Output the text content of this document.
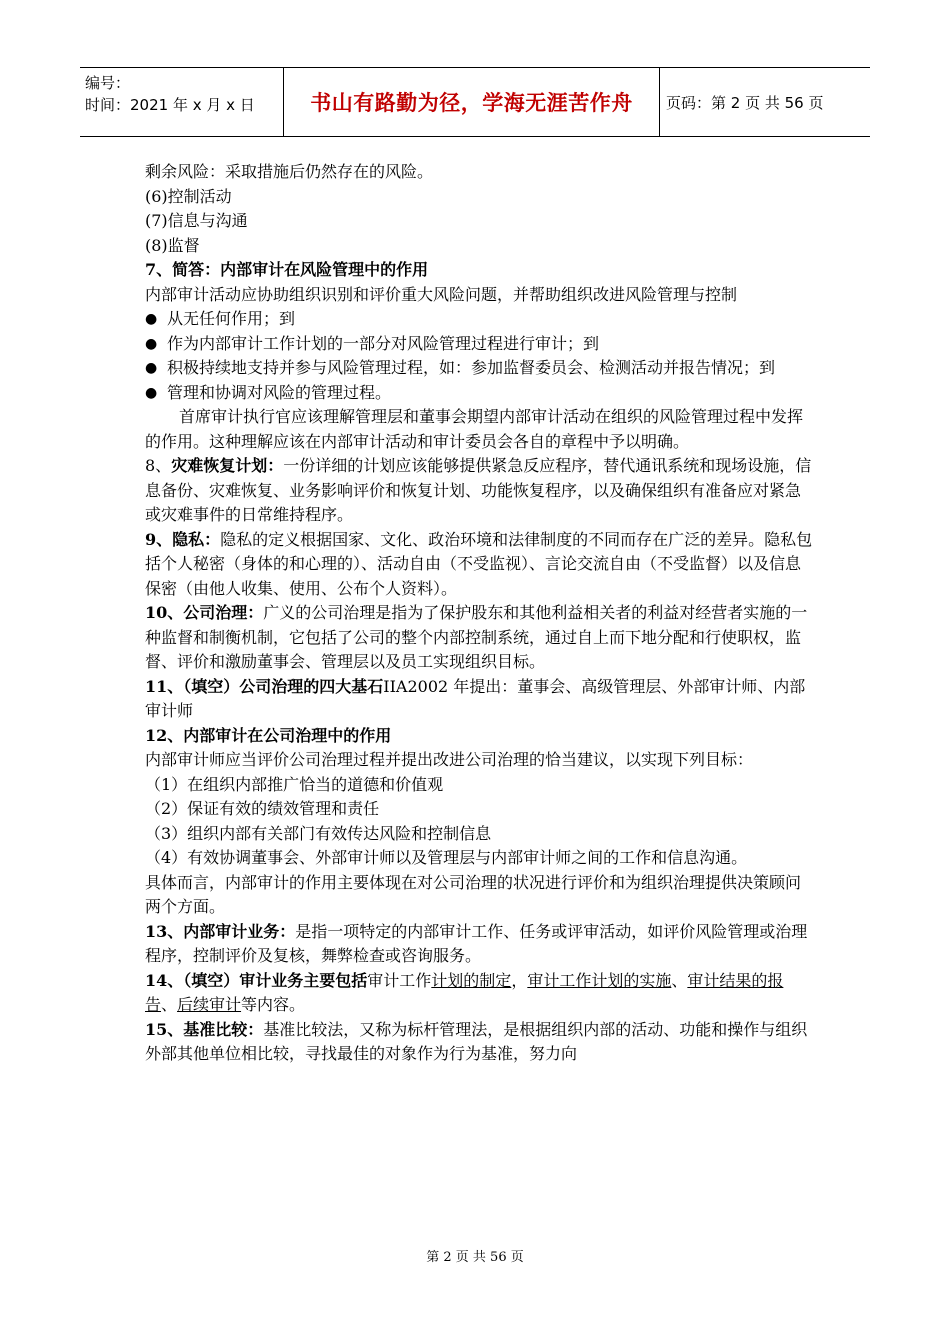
编号：
时间：2021 年 x 月 x 日	书山有路勤为径，学海无涯苦作舟	页码：第 2 页 共 56 页

剩余风险：采取措施后仍然存在的风险。

(6)控制活动

(7)信息与沟通

(8)监督

7、简答：内部审计在风险管理中的作用

内部审计活动应协助组织识别和评价重大风险问题，并帮助组织改进风险管理与控制

● 从无任何作用；到

● 作为内部审计工作计划的一部分对风险管理过程进行审计；到

● 积极持续地支持并参与风险管理过程，如：参加监督委员会、检测活动并报告情况；到

● 管理和协调对风险的管理过程。

首席审计执行官应该理解管理层和董事会期望内部审计活动在组织的风险管理过程中发挥的作用。这种理解应该在内部审计活动和审计委员会各自的章程中予以明确。

8、灾难恢复计划：一份详细的计划应该能够提供紧急反应程序，替代通讯系统和现场设施，信息备份、灾难恢复、业务影响评价和恢复计划、功能恢复程序，以及确保组织有准备应对紧急或灾难事件的日常维持程序。

9、隐私：隐私的定义根据国家、文化、政治环境和法律制度的不同而存在广泛的差异。隐私包括个人秘密（身体的和心理的）、活动自由（不受监视）、言论交流自由（不受监督）以及信息保密（由他人收集、使用、公布个人资料）。

10、公司治理：广义的公司治理是指为了保护股东和其他利益相关者的利益对经营者实施的一种监督和制衡机制，它包括了公司的整个内部控制系统，通过自上而下地分配和行使职权，监督、评价和激励董事会、管理层以及员工实现组织目标。

11、（填空）公司治理的四大基石IIA2002 年提出：董事会、高级管理层、外部审计师、内部审计师

12、内部审计在公司治理中的作用

内部审计师应当评价公司治理过程并提出改进公司治理的恰当建议，以实现下列目标：

（1）在组织内部推广恰当的道德和价值观

（2）保证有效的绩效管理和责任

（3）组织内部有关部门有效传达风险和控制信息

（4）有效协调董事会、外部审计师以及管理层与内部审计师之间的工作和信息沟通。

具体而言，内部审计的作用主要体现在对公司治理的状况进行评价和为组织治理提供决策顾问两个方面。

13、内部审计业务：是指一项特定的内部审计工作、任务或评审活动，如评价风险管理或治理程序，控制评价及复核，舞弊检查或咨询服务。

14、（填空）审计业务主要包括审计工作计划的制定，审计工作计划的实施、审计结果的报告、后续审计等内容。

15、基准比较：基准比较法，又称为标杆管理法，是根据组织内部的活动、功能和操作与组织外部其他单位相比较，寻找最佳的对象作为行为基准，努力向

第 2 页 共 56 页
